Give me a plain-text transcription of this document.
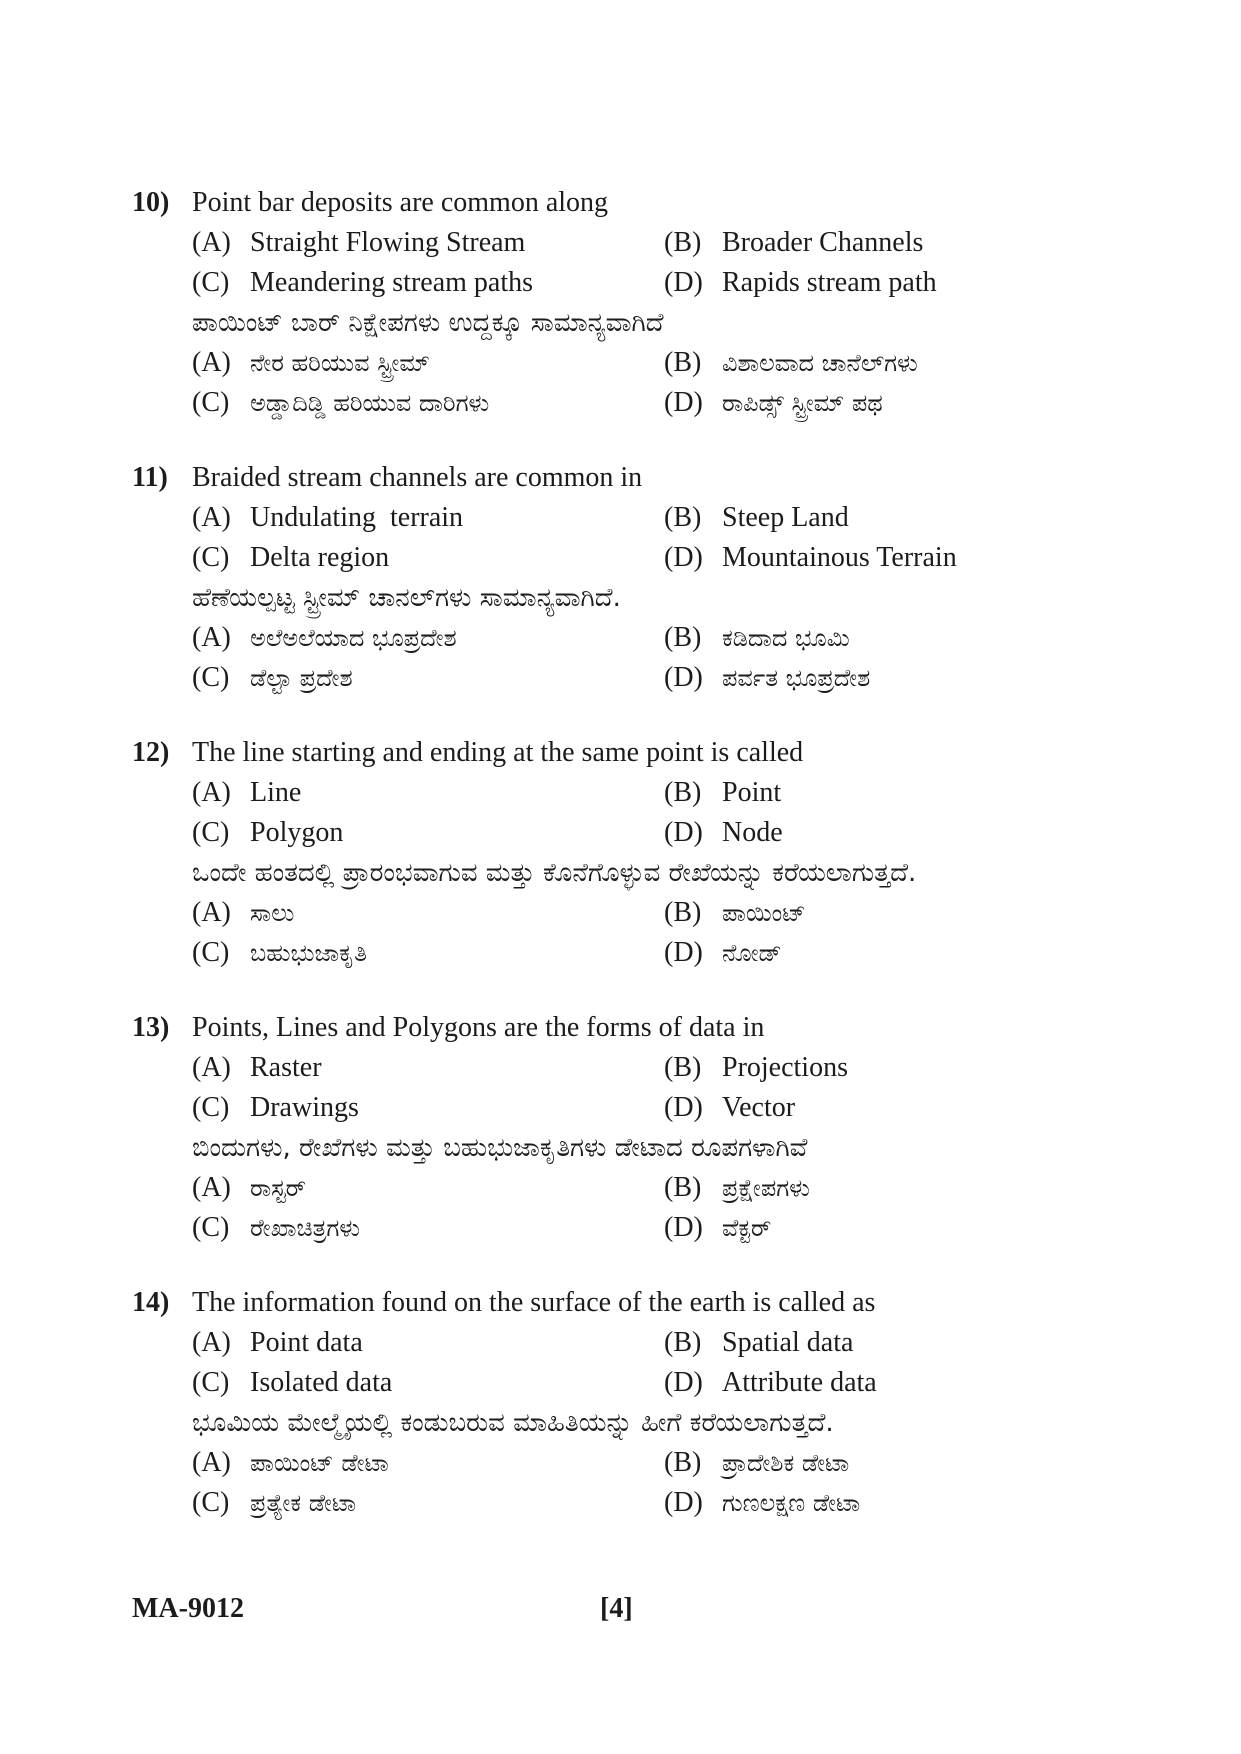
10) Point bar deposits are common along
(A) Straight Flowing Stream	(B) Broader Channels
(C) Meandering stream paths	(D) Rapids stream path
ಪಾಯಿಂಟ್ ಬಾರ್ ನಿಕ್ಷೇಪಗಳು ಉದ್ದಕ್ಕೂ ಸಾಮಾನ್ಯವಾಗಿದೆ
(A) ನೇರ ಹರಿಯುವ ಸ್ಟ್ರೀಮ್	(B) ವಿಶಾಲವಾದ ಚಾನೆಲ್‌ಗಳು
(C) ಅಡ್ಡಾದಿಡ್ಡಿ ಹರಿಯುವ ದಾರಿಗಳು	(D) ರಾಪಿಡ್ಸ್ ಸ್ಟ್ರೀಮ್ ಪಥ
11) Braided stream channels are common in
(A) Undulating  terrain	(B) Steep Land
(C) Delta region	(D) Mountainous Terrain
ಹೆಣೆಯಲ್ಪಟ್ಟ ಸ್ಟ್ರೀಮ್ ಚಾನಲ್‌ಗಳು ಸಾಮಾನ್ಯವಾಗಿದೆ.
(A) ಅಲೆಅಲೆಯಾದ ಭೂಪ್ರದೇಶ	(B) ಕಡಿದಾದ ಭೂಮಿ
(C) ಡೆಲ್ಟಾ ಪ್ರದೇಶ	(D) ಪರ್ವತ ಭೂಪ್ರದೇಶ
12) The line starting and ending at the same point is called
(A) Line	(B) Point
(C) Polygon	(D) Node
ಒಂದೇ ಹಂತದಲ್ಲಿ ಪ್ರಾರಂಭವಾಗುವ ಮತ್ತು ಕೊನೆಗೊಳ್ಳುವ ರೇಖೆಯನ್ನು ಕರೆಯಲಾಗುತ್ತದೆ.
(A) ಸಾಲು	(B) ಪಾಯಿಂಟ್
(C) ಬಹುಭುಜಾಕೃತಿ	(D) ನೋಡ್
13) Points, Lines and Polygons are the forms of data in
(A) Raster	(B) Projections
(C) Drawings	(D) Vector
ಬಿಂದುಗಳು, ರೇಖೆಗಳು ಮತ್ತು ಬಹುಭುಜಾಕೃತಿಗಳು ಡೇಟಾದ ರೂಪಗಳಾಗಿವೆ
(A) ರಾಸ್ಟರ್	(B) ಪ್ರಕ್ಷೇಪಗಳು
(C) ರೇಖಾಚಿತ್ರಗಳು	(D) ವೆಕ್ಟರ್
14) The information found on the surface of the earth is called as
(A) Point data	(B) Spatial data
(C) Isolated data	(D) Attribute data
ಭೂಮಿಯ ಮೇಲ್ಮೈಯಲ್ಲಿ ಕಂಡುಬರುವ ಮಾಹಿತಿಯನ್ನು ಹೀಗೆ ಕರೆಯಲಾಗುತ್ತದೆ.
(A) ಪಾಯಿಂಟ್ ಡೇಟಾ	(B) ಪ್ರಾದೇಶಿಕ ಡೇಟಾ
(C) ಪ್ರತ್ಯೇಕ ಡೇಟಾ	(D) ಗುಣಲಕ್ಷಣ ಡೇಟಾ
MA-9012	[4]
